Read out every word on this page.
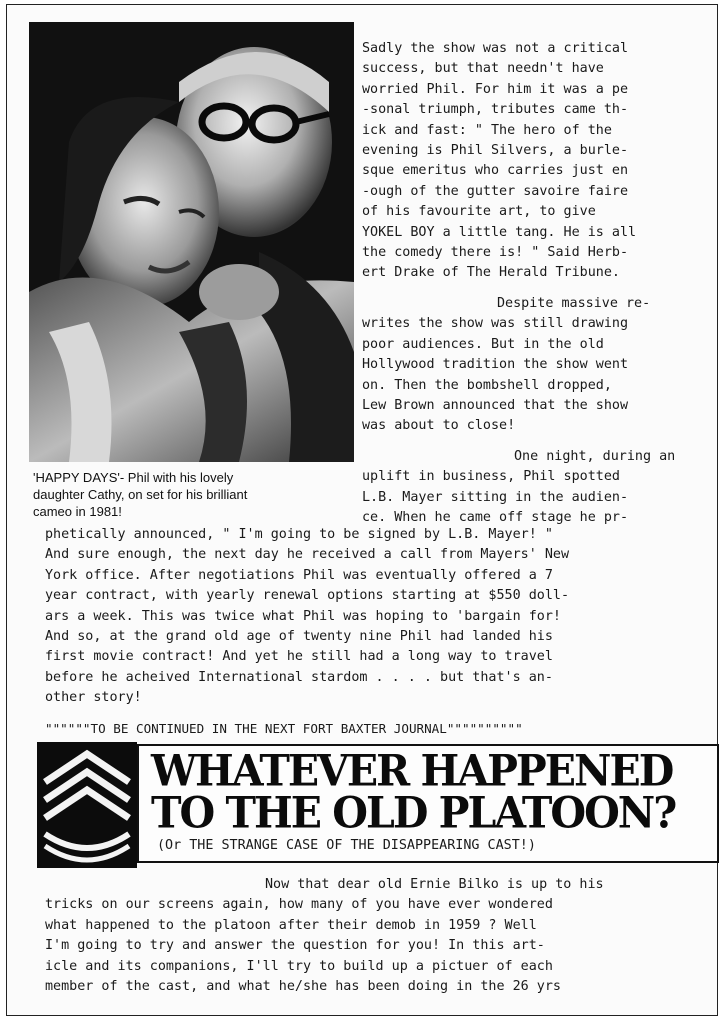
'HAPPY DAYS'- Phil with his lovely
daughter Cathy, on set for his brilliant
cameo in 1981!
Sadly the show was not a critical
success, but that needn't have
worried Phil. For him it was a pe
-sonal triumph, tributes came th-
ick and fast: " The hero of the
evening is Phil Silvers, a burle-
sque emeritus who carries just en
-ough of the gutter savoire faire
of his favourite art, to give
YOKEL BOY a little tang. He is all
the comedy there is! " Said Herb-
ert Drake of The Herald Tribune.
Despite massive re-
writes the show was still drawing
poor audiences. But in the old
Hollywood tradition the show went
on. Then the bombshell dropped,
Lew Brown announced that the show
was about to close!
One night, during an
uplift in business, Phil spotted
L.B. Mayer sitting in the audien-
ce. When he came off stage he pr-
phetically announced, " I'm going to be signed by L.B. Mayer! "
And sure enough, the next day he received a call from Mayers' New
York office. After negotiations Phil was eventually offered a 7
year contract, with yearly renewal options starting at $550 doll-
ars a week. This was twice what Phil was hoping to 'bargain for!
And so, at the grand old age of twenty nine Phil had landed his
first movie contract! And yet he still had a long way to travel
before he acheived International stardom . . . . but that's an-
other story!
""""""TO BE CONTINUED IN THE NEXT FORT BAXTER JOURNAL""""""""""
WHATEVER HAPPENED
TO THE OLD PLATOON?
(Or THE STRANGE CASE OF THE DISAPPEARING CAST!)
Now that dear old Ernie Bilko is up to his
tricks on our screens again, how many of you have ever wondered
what happened to the platoon after their demob in 1959 ? Well
I'm going to try and answer the question for you! In this art-
icle and its companions, I'll try to build up a pictuer of each
member of the cast, and what he/she has been doing in the 26 yrs
